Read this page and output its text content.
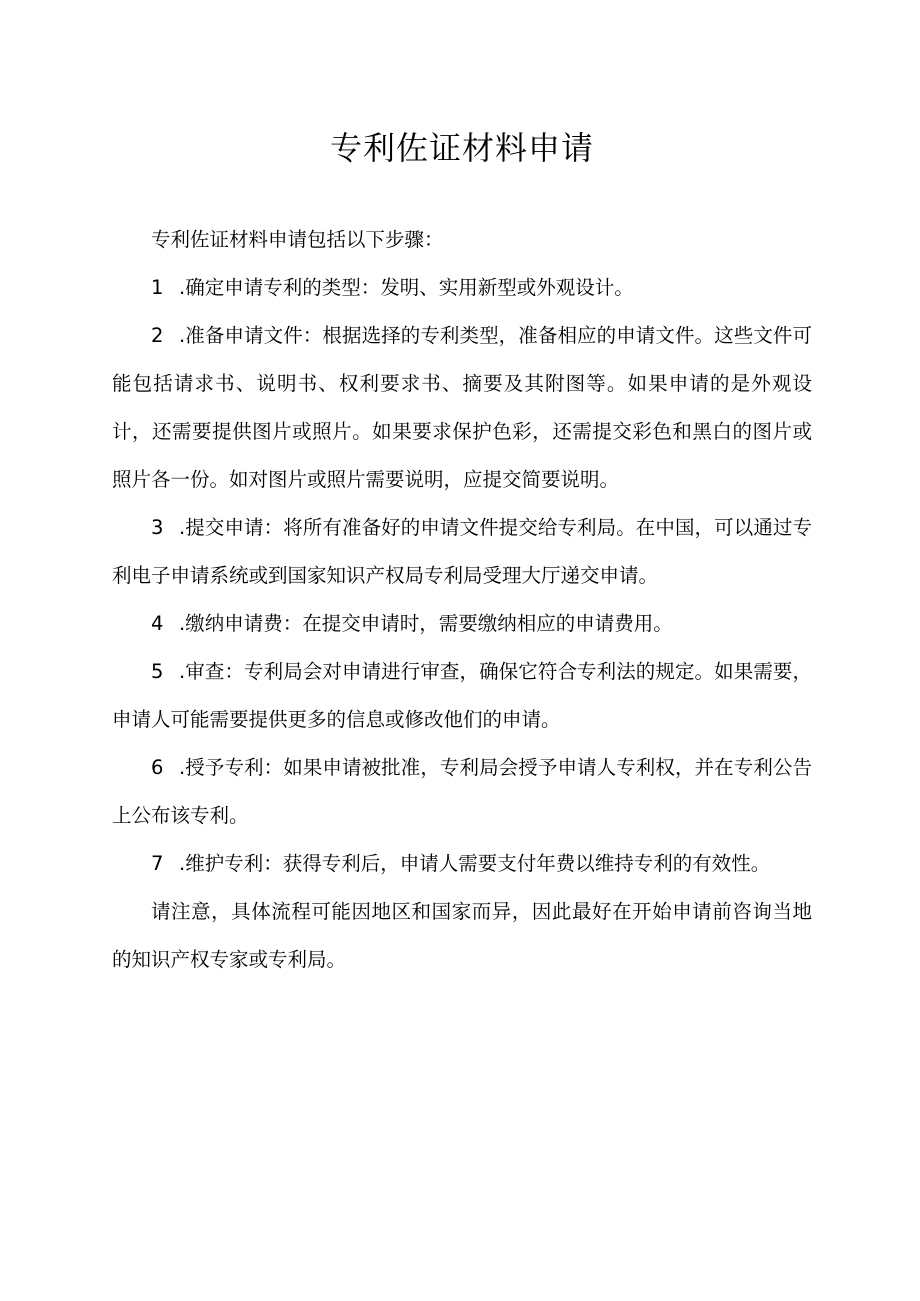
专利佐证材料申请

专利佐证材料申请包括以下步骤：

1 .确定申请专利的类型：发明、实用新型或外观设计。

2 .准备申请文件：根据选择的专利类型，准备相应的申请文件。这些文件可能包括请求书、说明书、权利要求书、摘要及其附图等。如果申请的是外观设计，还需要提供图片或照片。如果要求保护色彩，还需提交彩色和黑白的图片或照片各一份。如对图片或照片需要说明，应提交简要说明。

3 .提交申请：将所有准备好的申请文件提交给专利局。在中国，可以通过专利电子申请系统或到国家知识产权局专利局受理大厅递交申请。

4 .缴纳申请费：在提交申请时，需要缴纳相应的申请费用。

5 .审查：专利局会对申请进行审查，确保它符合专利法的规定。如果需要，申请人可能需要提供更多的信息或修改他们的申请。

6 .授予专利：如果申请被批准，专利局会授予申请人专利权，并在专利公告上公布该专利。

7 .维护专利：获得专利后，申请人需要支付年费以维持专利的有效性。

请注意，具体流程可能因地区和国家而异，因此最好在开始申请前咨询当地的知识产权专家或专利局。
